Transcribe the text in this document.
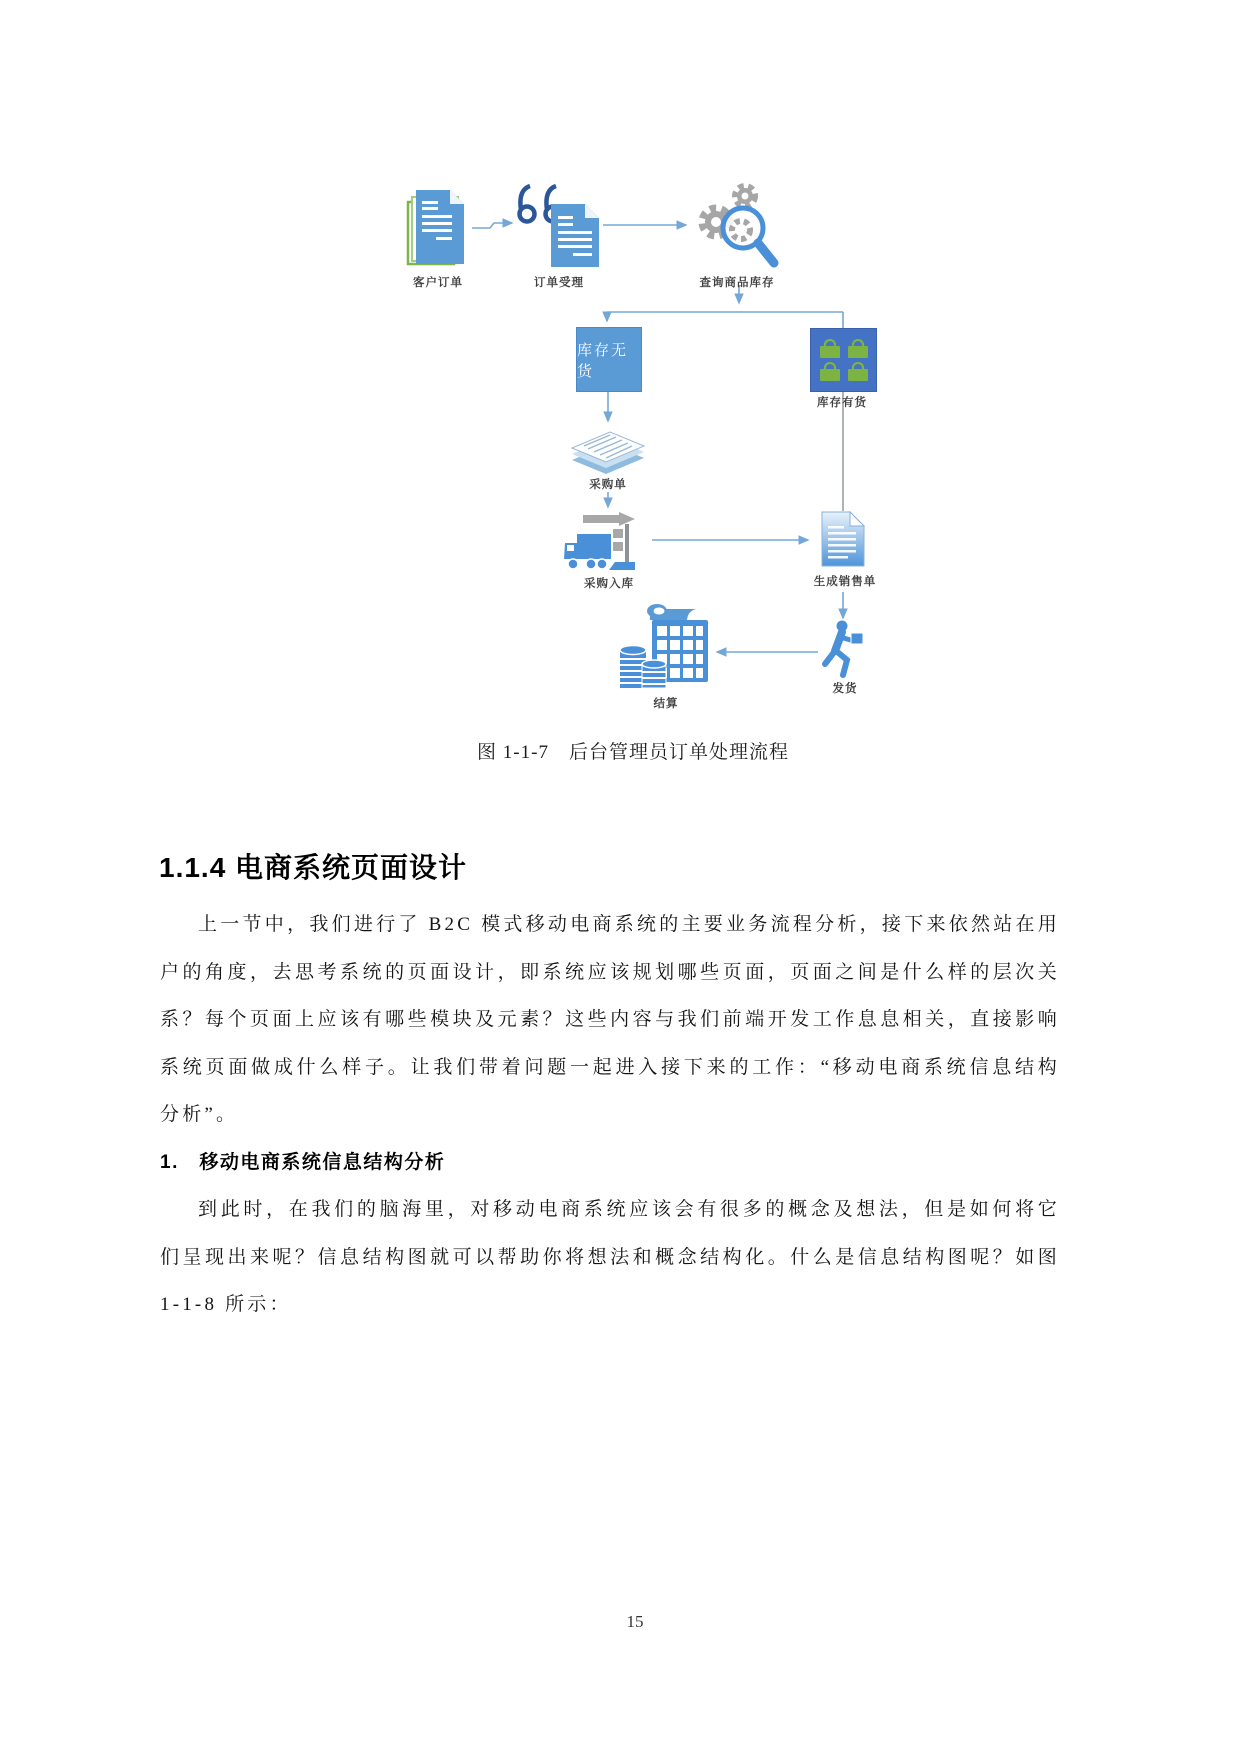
客户订单	订单受理	查询商品库存
库存无货
库存有货
采购单
采购入库	生成销售单
发货
结算
图 1-1-7　后台管理员订单处理流程
1.1.4 电商系统页面设计
上一节中，我们进行了 B2C 模式移动电商系统的主要业务流程分析，接下来依然站在用
户的角度，去思考系统的页面设计，即系统应该规划哪些页面，页面之间是什么样的层次关
系？每个页面上应该有哪些模块及元素？这些内容与我们前端开发工作息息相关，直接影响
系统页面做成什么样子。让我们带着问题一起进入接下来的工作：“移动电商系统信息结构
分析”。
1.　移动电商系统信息结构分析
到此时，在我们的脑海里，对移动电商系统应该会有很多的概念及想法，但是如何将它
们呈现出来呢？信息结构图就可以帮助你将想法和概念结构化。什么是信息结构图呢？如图
1-1-8 所示：
15
